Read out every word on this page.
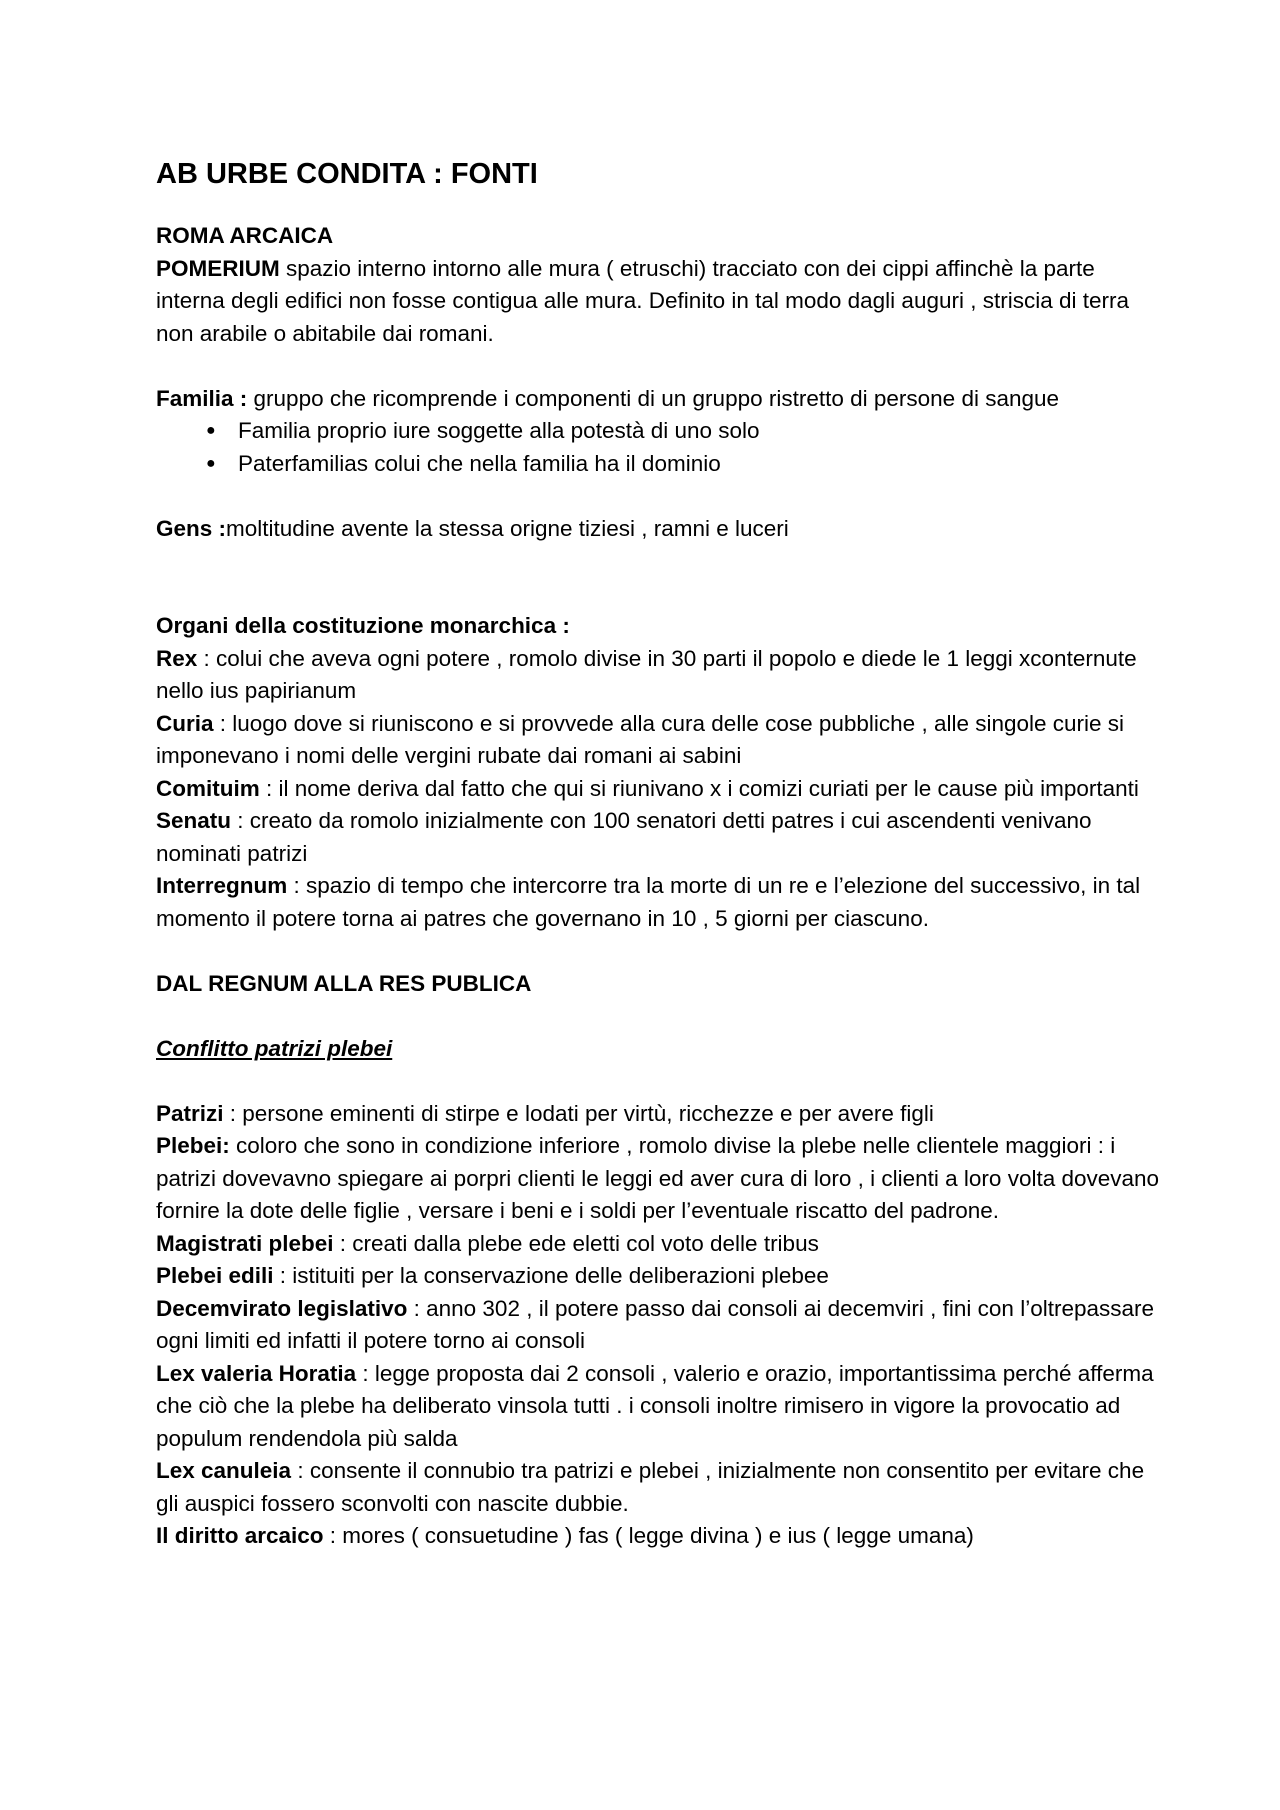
AB URBE CONDITA : FONTI

ROMA ARCAICA

POMERIUM spazio interno intorno alle mura ( etruschi) tracciato con dei cippi affinchè la parte interna degli edifici non fosse contigua alle mura. Definito in tal modo dagli auguri , striscia di terra non arabile o abitabile dai romani.

Familia : gruppo che ricomprende i componenti di un gruppo ristretto di persone di sangue

● Familia proprio iure soggette alla potestà di uno solo
● Paterfamilias colui che nella familia ha il dominio

Gens :moltitudine avente la stessa origne tiziesi , ramni e luceri

Organi della costituzione monarchica :

Rex : colui che aveva ogni potere , romolo divise in 30 parti il popolo e diede le 1 leggi xconternute nello ius papirianum

Curia : luogo dove si riuniscono e si provvede alla cura delle cose pubbliche , alle singole curie si imponevano i nomi delle vergini rubate dai romani ai sabini

Comituim : il nome deriva dal fatto che qui si riunivano x i comizi curiati per le cause più importanti

Senatu : creato da romolo inizialmente con 100 senatori detti patres i cui ascendenti venivano nominati patrizi

Interregnum : spazio di tempo che intercorre tra la morte di un re e l’elezione del successivo, in tal momento il potere torna ai patres che governano in 10 , 5 giorni per ciascuno.

DAL REGNUM ALLA RES PUBLICA

Conflitto patrizi plebei

Patrizi : persone eminenti di stirpe e lodati per virtù, ricchezze e per avere figli

Plebei: coloro che sono in condizione inferiore , romolo divise la plebe nelle clientele maggiori : i patrizi dovevavno spiegare ai porpri clienti le leggi ed aver cura di loro , i clienti a loro volta dovevano fornire la dote delle figlie , versare i beni e i soldi per l’eventuale riscatto del padrone.

Magistrati plebei : creati dalla plebe ede eletti col voto delle tribus

Plebei edili : istituiti per la conservazione delle deliberazioni plebee

Decemvirato legislativo : anno 302 , il potere passo dai consoli ai decemviri , fini con l’oltrepassare ogni limiti ed infatti il potere torno ai consoli

Lex valeria Horatia : legge proposta dai 2 consoli , valerio e orazio, importantissima perché afferma che ciò che la plebe ha deliberato vinsola tutti . i consoli inoltre rimisero in vigore la provocatio ad populum rendendola più salda

Lex canuleia : consente il connubio tra patrizi e plebei , inizialmente non consentito per evitare che gli auspici fossero sconvolti con nascite dubbie.

Il diritto arcaico : mores ( consuetudine ) fas ( legge divina ) e ius ( legge umana)
